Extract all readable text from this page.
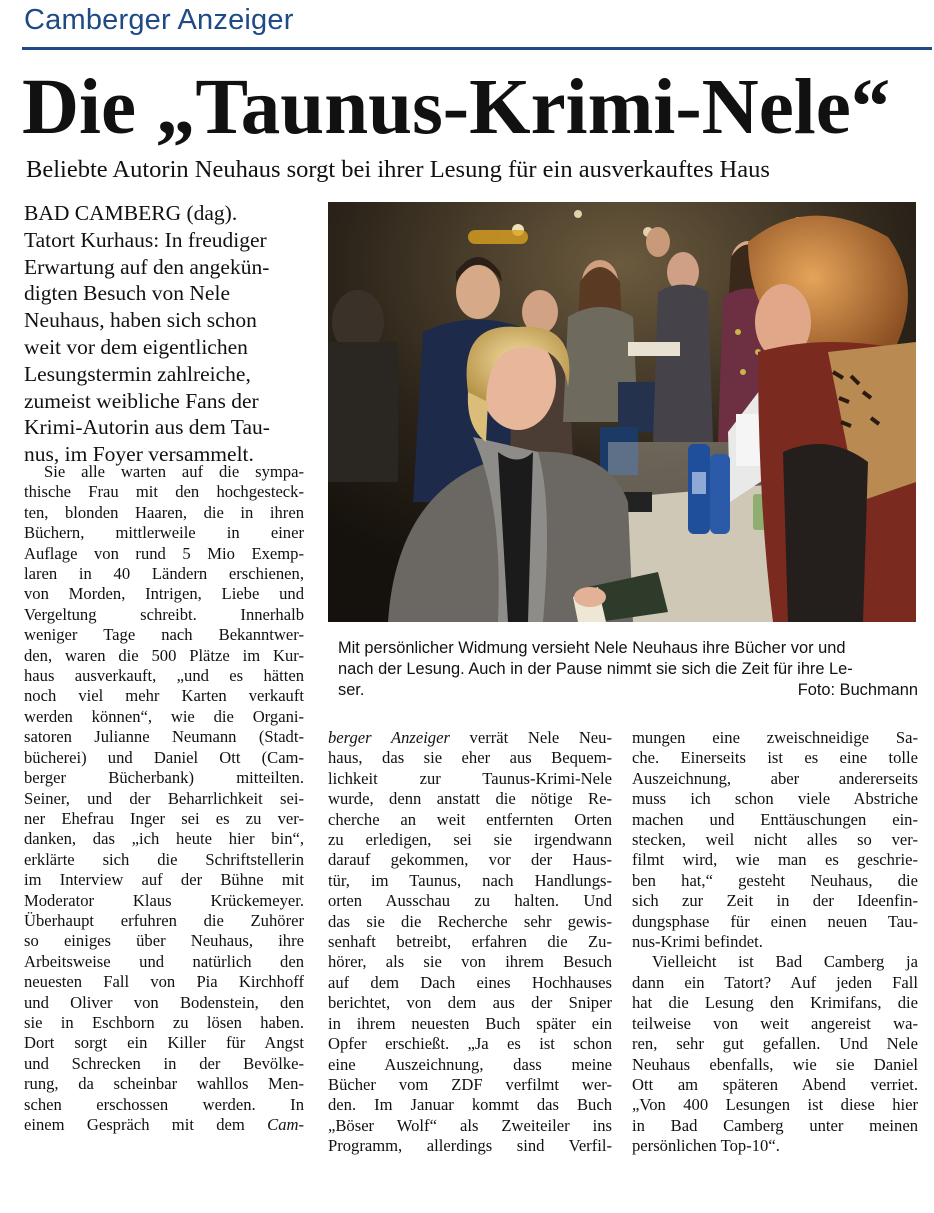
Camberger Anzeiger
Die „Taunus-Krimi-Nele“
Beliebte Autorin Neuhaus sorgt bei ihrer Lesung für ein ausverkauftes Haus
BAD CAMBERG (dag).
Tatort Kurhaus: In freudiger
Erwartung auf den angekün-
digten Besuch von Nele
Neuhaus, haben sich schon
weit vor dem eigentlichen
Lesungstermin zahlreiche,
zumeist weibliche Fans der
Krimi-Autorin aus dem Tau-
nus, im Foyer versammelt.
Mit persönlicher Widmung versieht Nele Neuhaus ihre Bücher vor und
nach der Lesung. Auch in der Pause nimmt sie sich die Zeit für ihre Le-
ser.	Foto: Buchmann
Sie alle warten auf die sympa-
thische Frau mit den hochgesteck-
ten, blonden Haaren, die in ihren
Büchern, mittlerweile in einer
Auflage von rund 5 Mio Exemp-
laren in 40 Ländern erschienen,
von Morden, Intrigen, Liebe und
Vergeltung schreibt. Innerhalb
weniger Tage nach Bekanntwer-
den, waren die 500 Plätze im Kur-
haus ausverkauft, „und es hätten
noch viel mehr Karten verkauft
werden können“, wie die Organi-
satoren Julianne Neumann (Stadt-
bücherei) und Daniel Ott (Cam-
berger Bücherbank) mitteilten.
Seiner, und der Beharrlichkeit sei-
ner Ehefrau Inger sei es zu ver-
danken, das „ich heute hier bin“,
erklärte sich die Schriftstellerin
im Interview auf der Bühne mit
Moderator Klaus Krückemeyer.
Überhaupt erfuhren die Zuhörer
so einiges über Neuhaus, ihre
Arbeitsweise und natürlich den
neuesten Fall von Pia Kirchhoff
und Oliver von Bodenstein, den
sie in Eschborn zu lösen haben.
Dort sorgt ein Killer für Angst
und Schrecken in der Bevölke-
rung, da scheinbar wahllos Men-
schen erschossen werden. In
einem Gespräch mit dem Cam-
berger Anzeiger verrät Nele Neu-
haus, das sie eher aus Bequem-
lichkeit zur Taunus-Krimi-Nele
wurde, denn anstatt die nötige Re-
cherche an weit entfernten Orten
zu erledigen, sei sie irgendwann
darauf gekommen, vor der Haus-
tür, im Taunus, nach Handlungs-
orten Ausschau zu halten. Und
das sie die Recherche sehr gewis-
senhaft betreibt, erfahren die Zu-
hörer, als sie von ihrem Besuch
auf dem Dach eines Hochhauses
berichtet, von dem aus der Sniper
in ihrem neuesten Buch später ein
Opfer erschießt. „Ja es ist schon
eine Auszeichnung, dass meine
Bücher vom ZDF verfilmt wer-
den. Im Januar kommt das Buch
„Böser Wolf“ als Zweiteiler ins
Programm, allerdings sind Verfil-
mungen eine zweischneidige Sa-
che. Einerseits ist es eine tolle
Auszeichnung, aber andererseits
muss ich schon viele Abstriche
machen und Enttäuschungen ein-
stecken, weil nicht alles so ver-
filmt wird, wie man es geschrie-
ben hat,“ gesteht Neuhaus, die
sich zur Zeit in der Ideenfin-
dungsphase für einen neuen Tau-
nus-Krimi befindet.
Vielleicht ist Bad Camberg ja
dann ein Tatort? Auf jeden Fall
hat die Lesung den Krimifans, die
teilweise von weit angereist wa-
ren, sehr gut gefallen. Und Nele
Neuhaus ebenfalls, wie sie Daniel
Ott am späteren Abend verriet.
„Von 400 Lesungen ist diese hier
in Bad Camberg unter meinen
persönlichen Top-10“.
